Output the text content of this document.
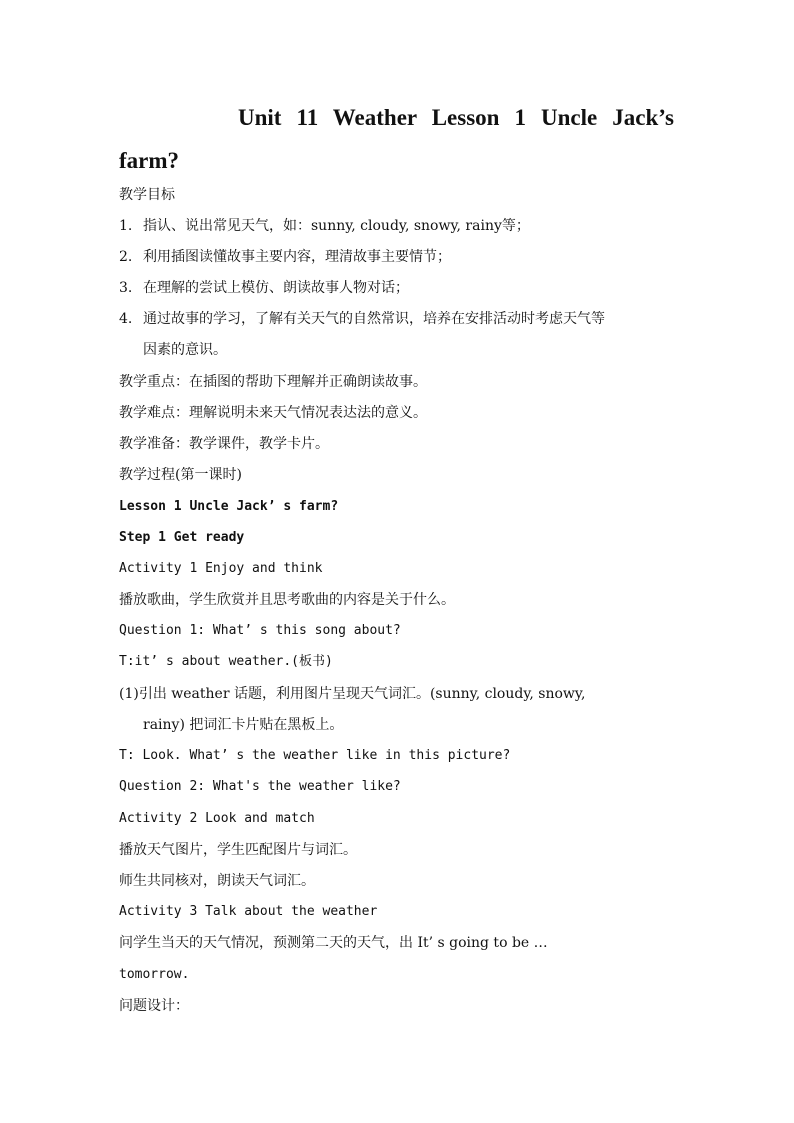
Unit 11 Weather Lesson 1 Uncle Jack’s
farm?
教学目标
1. 指认、说出常见天气，如：sunny, cloudy, snowy, rainy等；
2. 利用插图读懂故事主要内容，理清故事主要情节；
3. 在理解的尝试上模仿、朗读故事人物对话；
4. 通过故事的学习，了解有关天气的自然常识，培养在安排活动时考虑天气等
因素的意识。
教学重点：在插图的帮助下理解并正确朗读故事。
教学难点：理解说明未来天气情况表达法的意义。
教学准备：教学课件，教学卡片。
教学过程(第一课时)
Lesson 1 Uncle Jack’ s farm?
Step 1 Get ready
Activity 1 Enjoy and think
播放歌曲，学生欣赏并且思考歌曲的内容是关于什么。
Question 1: What’ s this song about?
T:it’ s about weather.(板书)
(1)引出 weather 话题，利用图片呈现天气词汇。(sunny, cloudy, snowy,
rainy) 把词汇卡片贴在黑板上。
T: Look. What’ s the weather like in this picture?
Question 2: What's the weather like?
Activity 2 Look and match
播放天气图片，学生匹配图片与词汇。
师生共同核对，朗读天气词汇。
Activity 3 Talk about the weather
问学生当天的天气情况，预测第二天的天气，出 It’ s going to be …
tomorrow.
问题设计：
